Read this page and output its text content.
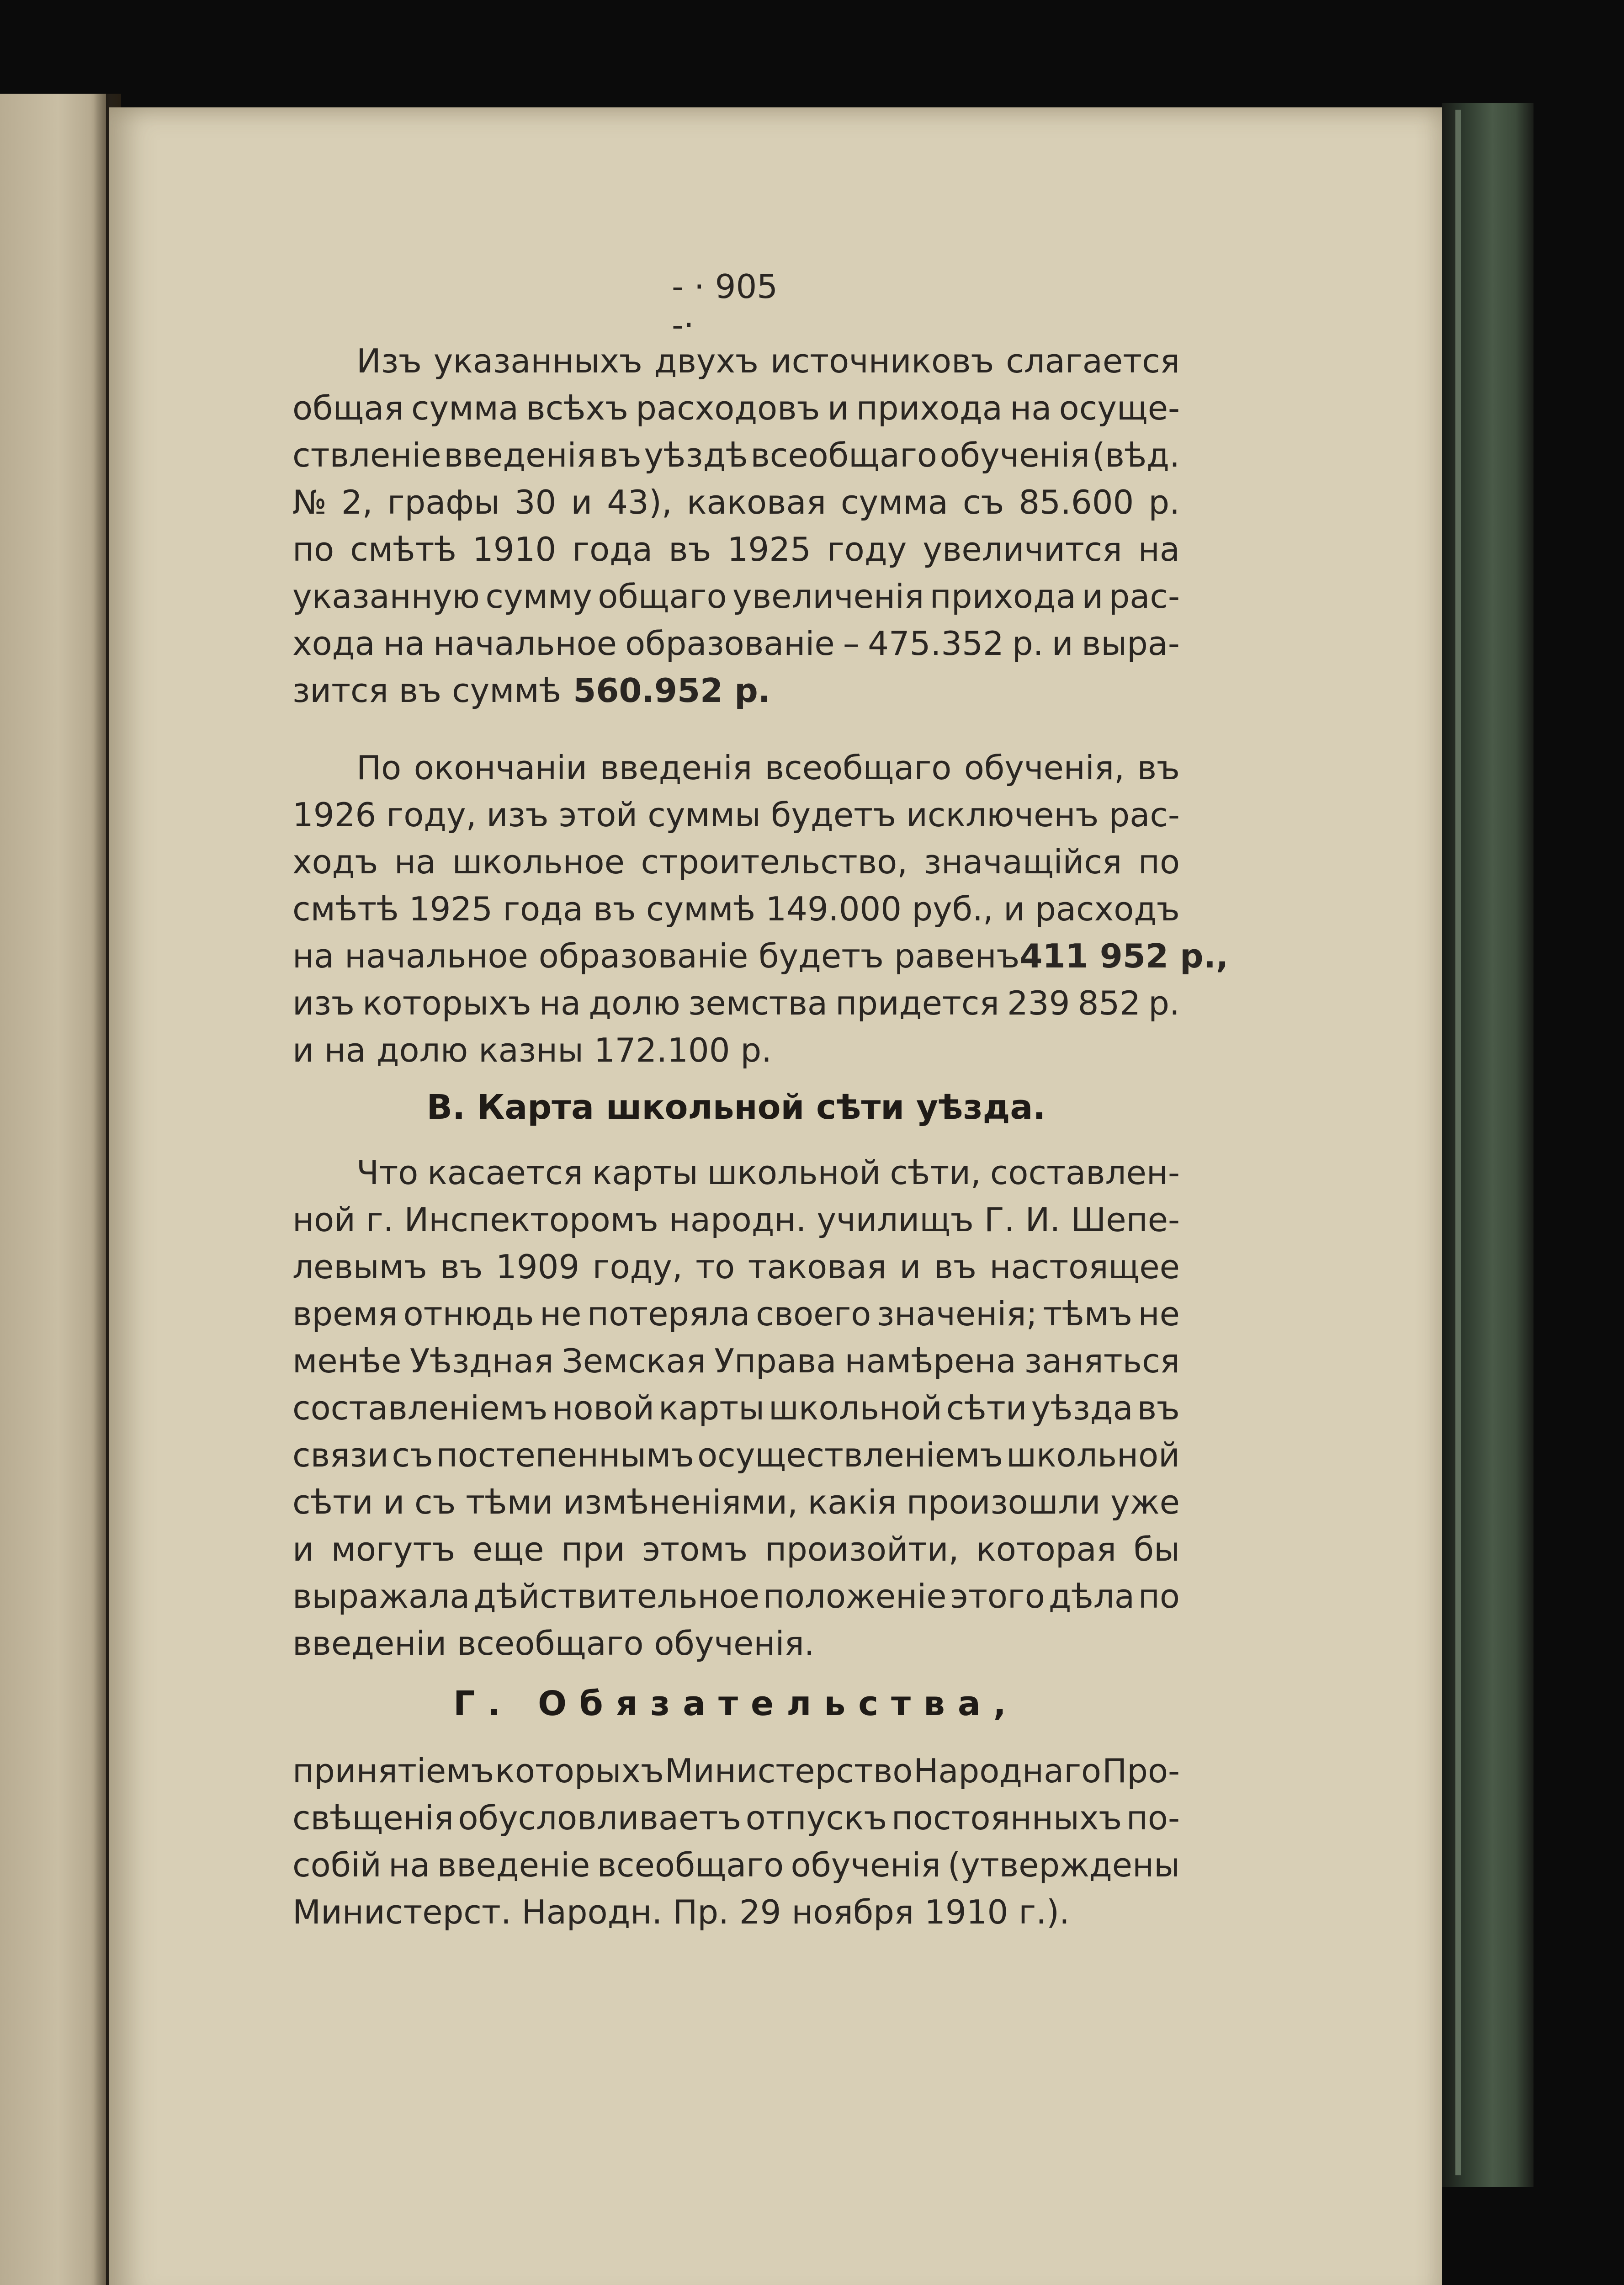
- · 905 -·
Изъ указанныхъ двухъ источниковъ слагается
общая сумма всѣхъ расходовъ и прихода на осуще-
ствленіе введенія въ уѣздѣ всеобщаго обученія (вѣд.
№ 2, графы 30 и 43), каковая сумма съ 85.600 р.
по смѣтѣ 1910 года въ 1925 году увеличится на
указанную сумму общаго увеличенія прихода и рас-
хода на начальное образованіе – 475.352 р. и выра-
зится въ суммѣ 560.952 р.
По окончаніи введенія всеобщаго обученія, въ
1926 году, изъ этой суммы будетъ исключенъ рас-
ходъ на школьное строительство, значащійся по
смѣтѣ 1925 года въ суммѣ 149.000 руб., и расходъ
на начальное образованіе будетъ равенъ 411 952 р.,
изъ которыхъ на долю земства придется 239 852 р.
и на долю казны 172.100 р.
В. Карта школьной сѣти уѣзда.
Что касается карты школьной сѣти, составлен-
ной г. Инспекторомъ народн. училищъ Г. И. Шепе-
левымъ въ 1909 году, то таковая и въ настоящее
время отнюдь не потеряла своего значенія; тѣмъ не
менѣе Уѣздная Земская Управа намѣрена заняться
составленіемъ новой карты школьной сѣти уѣзда въ
связи съ постепеннымъ осуществленіемъ школьной
сѣти и съ тѣми измѣненіями, какія произошли уже
и могутъ еще при этомъ произойти, которая бы
выражала дѣйствительное положеніе этого дѣла по
введеніи всеобщаго обученія.
Г. Обязательства,
принятіемъ которыхъ Министерство Народнаго Про-
свѣщенія обусловливаетъ отпускъ постоянныхъ по-
собій на введеніе всеобщаго обученія (утверждены
Министерст. Народн. Пр. 29 ноября 1910 г.).
